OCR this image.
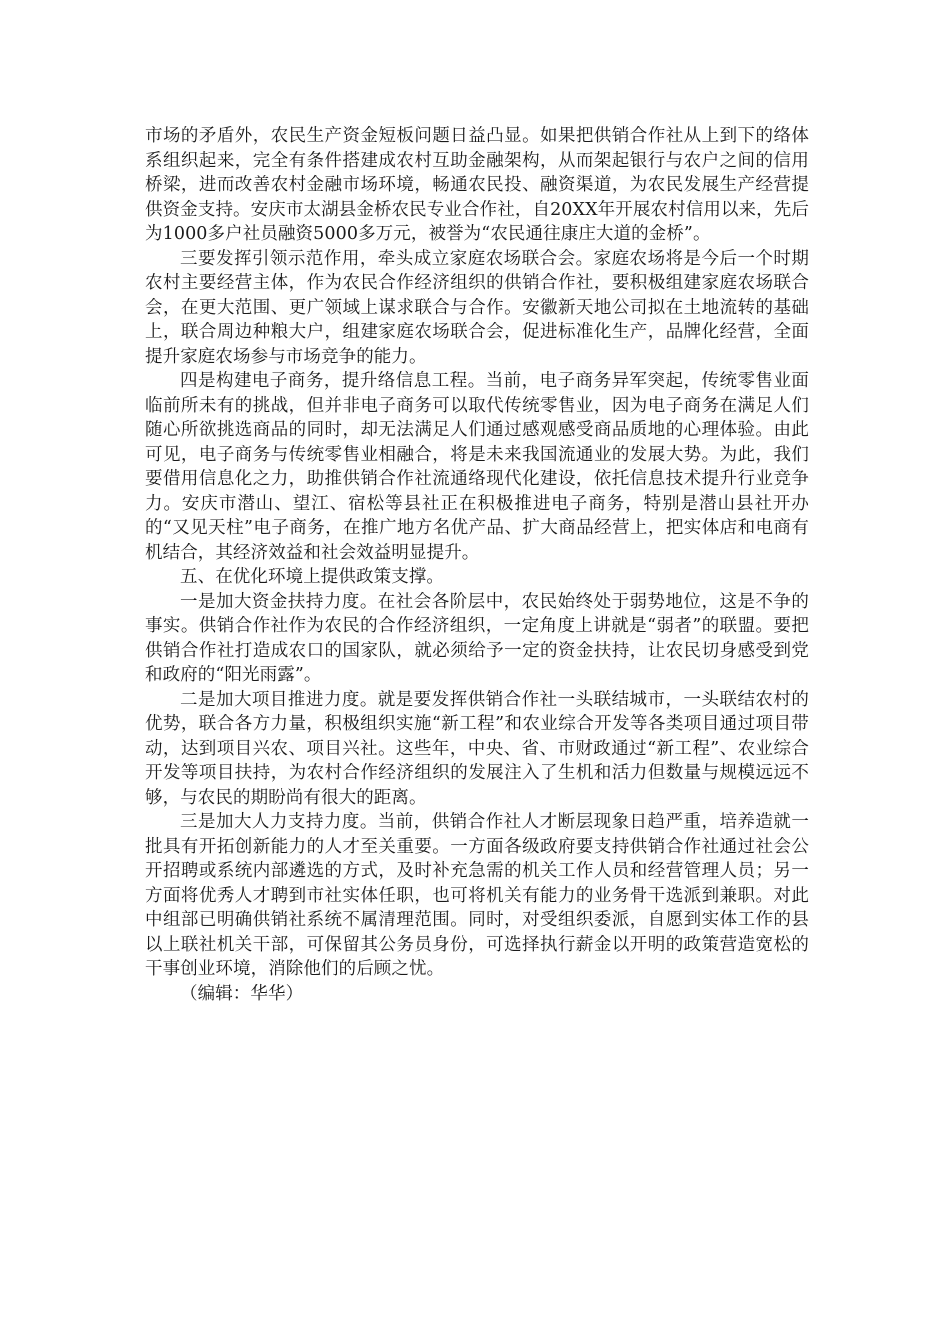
市场的矛盾外，农民生产资金短板问题日益凸显。如果把供销合作社从上到下的络体系组织起来，完全有条件搭建成农村互助金融架构，从而架起银行与农户之间的信用桥梁，进而改善农村金融市场环境，畅通农民投、融资渠道，为农民发展生产经营提供资金支持。安庆市太湖县金桥农民专业合作社，自20XX年开展农村信用以来，先后为1000多户社员融资5000多万元，被誉为“农民通往康庄大道的金桥”。

三要发挥引领示范作用，牵头成立家庭农场联合会。家庭农场将是今后一个时期农村主要经营主体，作为农民合作经济组织的供销合作社，要积极组建家庭农场联合会，在更大范围、更广领域上谋求联合与合作。安徽新天地公司拟在土地流转的基础上，联合周边种粮大户，组建家庭农场联合会，促进标准化生产，品牌化经营，全面提升家庭农场参与市场竞争的能力。

四是构建电子商务，提升络信息工程。当前，电子商务异军突起，传统零售业面临前所未有的挑战，但并非电子商务可以取代传统零售业，因为电子商务在满足人们随心所欲挑选商品的同时，却无法满足人们通过感观感受商品质地的心理体验。由此可见，电子商务与传统零售业相融合，将是未来我国流通业的发展大势。为此，我们要借用信息化之力，助推供销合作社流通络现代化建设，依托信息技术提升行业竞争力。安庆市潜山、望江、宿松等县社正在积极推进电子商务，特别是潜山县社开办的“又见天柱”电子商务，在推广地方名优产品、扩大商品经营上，把实体店和电商有机结合，其经济效益和社会效益明显提升。

五、在优化环境上提供政策支撑。

一是加大资金扶持力度。在社会各阶层中，农民始终处于弱势地位，这是不争的事实。供销合作社作为农民的合作经济组织，一定角度上讲就是“弱者”的联盟。要把供销合作社打造成农口的国家队，就必须给予一定的资金扶持，让农民切身感受到党和政府的“阳光雨露”。

二是加大项目推进力度。就是要发挥供销合作社一头联结城市，一头联结农村的优势，联合各方力量，积极组织实施“新工程”和农业综合开发等各类项目通过项目带动，达到项目兴农、项目兴社。这些年，中央、省、市财政通过“新工程”、农业综合开发等项目扶持，为农村合作经济组织的发展注入了生机和活力但数量与规模远远不够，与农民的期盼尚有很大的距离。

三是加大人力支持力度。当前，供销合作社人才断层现象日趋严重，培养造就一批具有开拓创新能力的人才至关重要。一方面各级政府要支持供销合作社通过社会公开招聘或系统内部遴选的方式，及时补充急需的机关工作人员和经营管理人员；另一方面将优秀人才聘到市社实体任职，也可将机关有能力的业务骨干选派到兼职。对此中组部已明确供销社系统不属清理范围。同时，对受组织委派，自愿到实体工作的县以上联社机关干部，可保留其公务员身份，可选择执行薪金以开明的政策营造宽松的干事创业环境，消除他们的后顾之忧。

（编辑：华华）
